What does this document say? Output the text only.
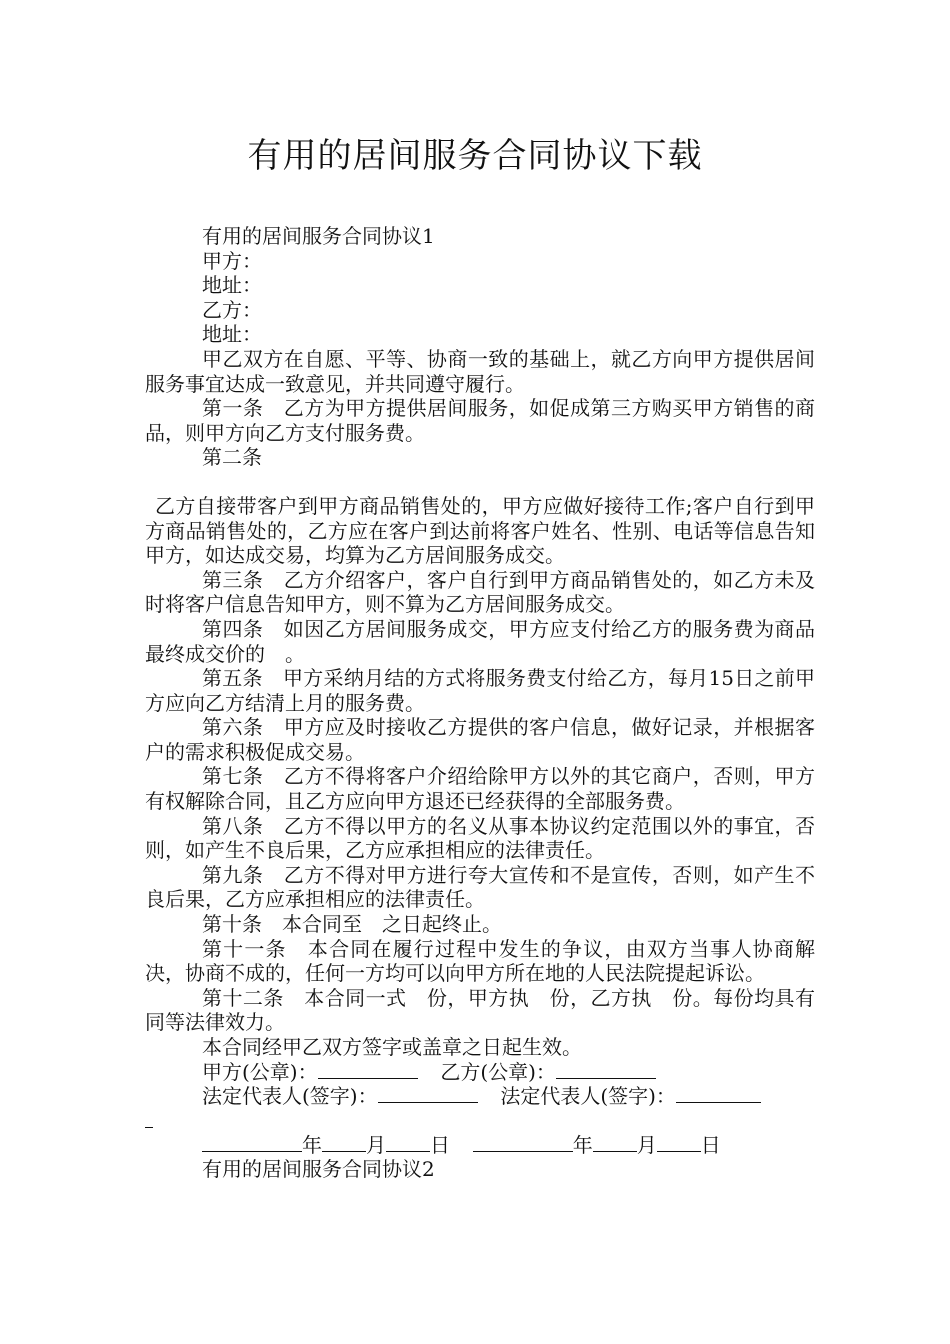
有用的居间服务合同协议下载

有用的居间服务合同协议1

甲方：

地址：

乙方：

地址：

甲乙双方在自愿、平等、协商一致的基础上，就乙方向甲方提供居间服务事宜达成一致意见，并共同遵守履行。

第一条　乙方为甲方提供居间服务，如促成第三方购买甲方销售的商品，则甲方向乙方支付服务费。

第二条

乙方自接带客户到甲方商品销售处的，甲方应做好接待工作;客户自行到甲方商品销售处的，乙方应在客户到达前将客户姓名、性别、电话等信息告知甲方，如达成交易，均算为乙方居间服务成交。

第三条　乙方介绍客户，客户自行到甲方商品销售处的，如乙方未及时将客户信息告知甲方，则不算为乙方居间服务成交。

第四条　如因乙方居间服务成交，甲方应支付给乙方的服务费为商品最终成交价的　。

第五条　甲方采纳月结的方式将服务费支付给乙方，每月15日之前甲方应向乙方结清上月的服务费。

第六条　甲方应及时接收乙方提供的客户信息，做好记录，并根据客户的需求积极促成交易。

第七条　乙方不得将客户介绍给除甲方以外的其它商户，否则，甲方有权解除合同，且乙方应向甲方退还已经获得的全部服务费。

第八条　乙方不得以甲方的名义从事本协议约定范围以外的事宜，否则，如产生不良后果，乙方应承担相应的法律责任。

第九条　乙方不得对甲方进行夸大宣传和不是宣传，否则，如产生不良后果，乙方应承担相应的法律责任。

第十条　本合同至　之日起终止。

第十一条　本合同在履行过程中发生的争议，由双方当事人协商解决，协商不成的，任何一方均可以向甲方所在地的人民法院提起诉讼。

第十二条　本合同一式　份，甲方执　份，乙方执　份。每份均具有同等法律效力。

本合同经甲乙双方签字或盖章之日起生效。

甲方(公章)：	乙方(公章)：

法定代表人(签字)：	法定代表人(签字)：

年 月 日	年 月 日

有用的居间服务合同协议2
